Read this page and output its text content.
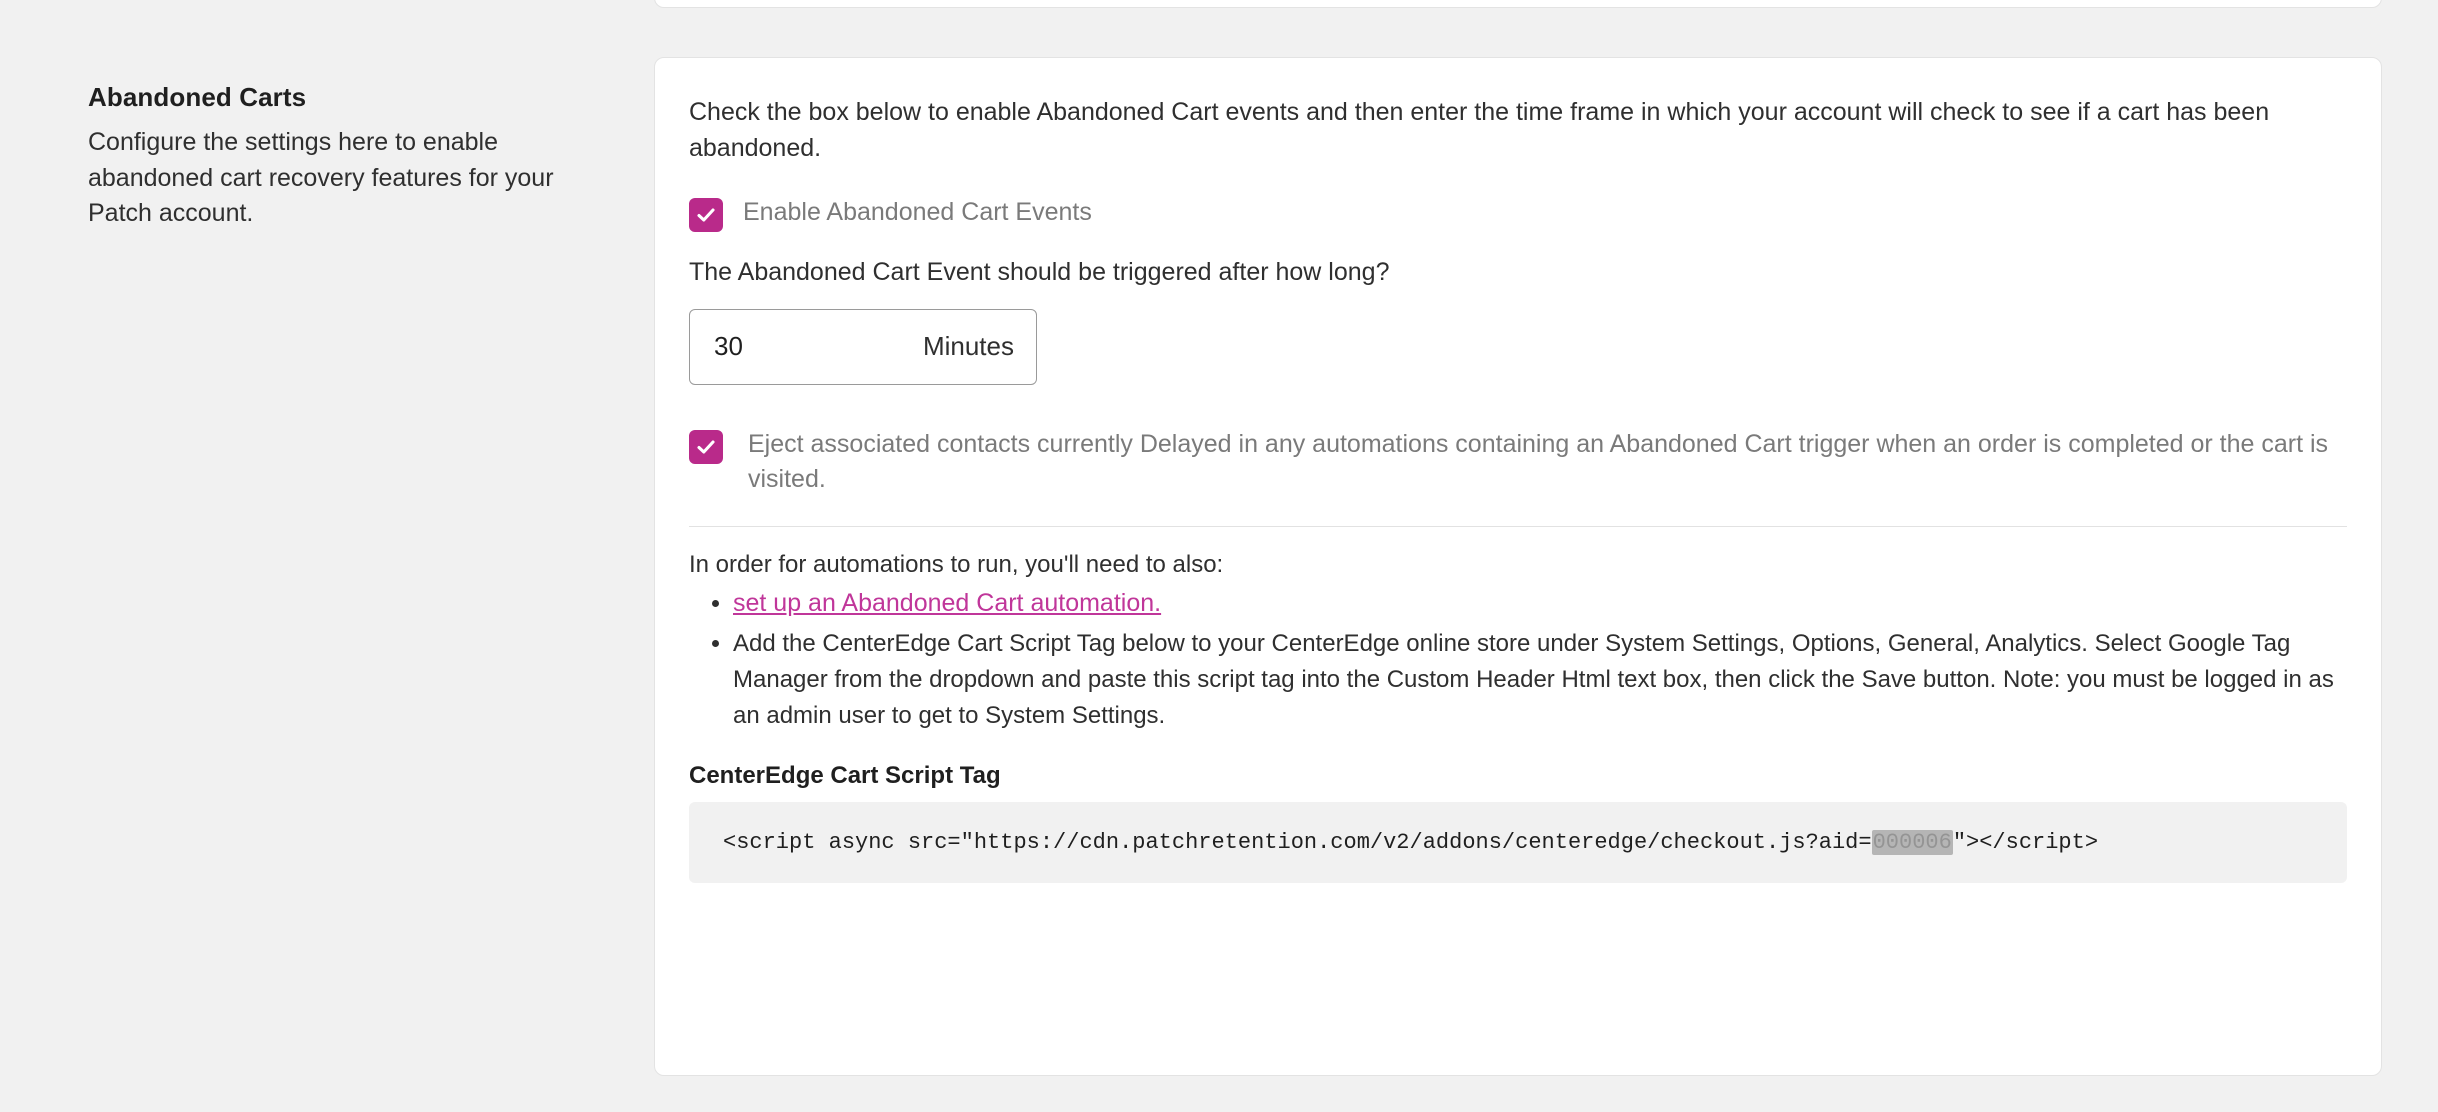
Abandoned Carts

Configure the settings here to enable abandoned cart recovery features for your Patch account.

Check the box below to enable Abandoned Cart events and then enter the time frame in which your account will check to see if a cart has been abandoned.

Enable Abandoned Cart Events

The Abandoned Cart Event should be triggered after how long?

30
Minutes
Eject associated contacts currently Delayed in any automations containing an Abandoned Cart trigger when an order is completed or the cart is visited.

In order for automations to run, you'll need to also:

• set up an Abandoned Cart automation.
• Add the CenterEdge Cart Script Tag below to your CenterEdge online store under System Settings, Options, General, Analytics. Select Google Tag Manager from the dropdown and paste this script tag into the Custom Header Html text box, then click the Save button. Note: you must be logged in as an admin user to get to System Settings.

CenterEdge Cart Script Tag

<script async src="https://cdn.patchretention.com/v2/addons/centeredge/checkout.js?aid=000006"></script>
